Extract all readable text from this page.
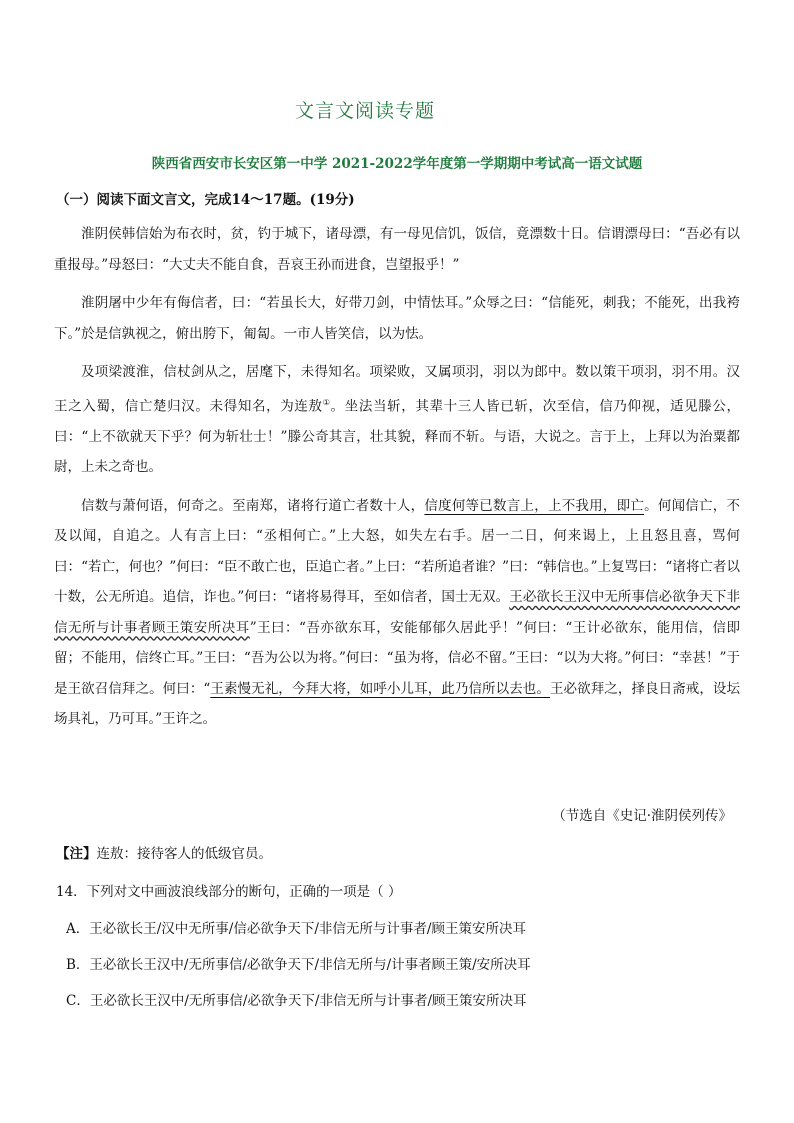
文言文阅读专题
陕西省西安市长安区第一中学 2021-2022学年度第一学期期中考试高一语文试题
（一）阅读下面文言文，完成14～17题。(19分)

淮阴侯韩信始为布衣时，贫，钓于城下，诸母漂，有一母见信饥，饭信，竟漂数十日。信谓漂母曰：“吾必有以重报母。”母怒曰：“大丈夫不能自食，吾哀王孙而进食，岂望报乎！”

淮阴屠中少年有侮信者，曰：“若虽长大，好带刀剑，中情怯耳。”众辱之曰：“信能死，刺我；不能死，出我袴下。”於是信孰视之，俯出胯下，匍匐。一市人皆笑信，以为怯。

及项梁渡淮，信杖剑从之，居麾下，未得知名。项梁败，又属项羽，羽以为郎中。数以策干项羽，羽不用。汉王之入蜀，信亡楚归汉。未得知名，为连敖①。坐法当斩，其辈十三人皆已斩，次至信，信乃仰视，适见滕公，曰：“上不欲就天下乎？何为斩壮士！”滕公奇其言，壮其貌，释而不斩。与语，大说之。言于上，上拜以为治粟都尉，上未之奇也。

信数与萧何语，何奇之。至南郑，诸将行道亡者数十人，信度何等已数言上，上不我用，即亡。何闻信亡，不及以闻，自追之。人有言上曰：“丞相何亡。”上大怒，如失左右手。居一二日，何来谒上，上且怒且喜，骂何曰：“若亡，何也？”何曰：“臣不敢亡也，臣追亡者。”上曰：“若所追者谁？”曰：“韩信也。”上复骂曰：“诸将亡者以十数，公无所追。追信，诈也。”何曰：“诸将易得耳，至如信者，国士无双。王必欲长王汉中无所事信必欲争天下非信无所与计事者顾王策安所决耳”王曰：“吾亦欲东耳，安能郁郁久居此乎！”何曰：“王计必欲东，能用信，信即留；不能用，信终亡耳。”王曰：“吾为公以为将。”何曰：“虽为将，信必不留。”王曰：“以为大将。”何曰：“幸甚！”于是王欲召信拜之。何曰：“王素慢无礼，今拜大将，如呼小儿耳，此乃信所以去也。王必欲拜之，择良日斋戒，设坛场具礼，乃可耳。”王许之。

（节选自《史记·淮阴侯列传》
【注】连敖：接待客人的低级官员。
14．下列对文中画波浪线部分的断句，正确的一项是（ ）
A．王必欲长王/汉中无所事/信必欲争天下/非信无所与计事者/顾王策安所决耳
B．王必欲长王汉中/无所事信/必欲争天下/非信无所与/计事者顾王策/安所决耳
C．王必欲长王汉中/无所事信/必欲争天下/非信无所与计事者/顾王策安所决耳
